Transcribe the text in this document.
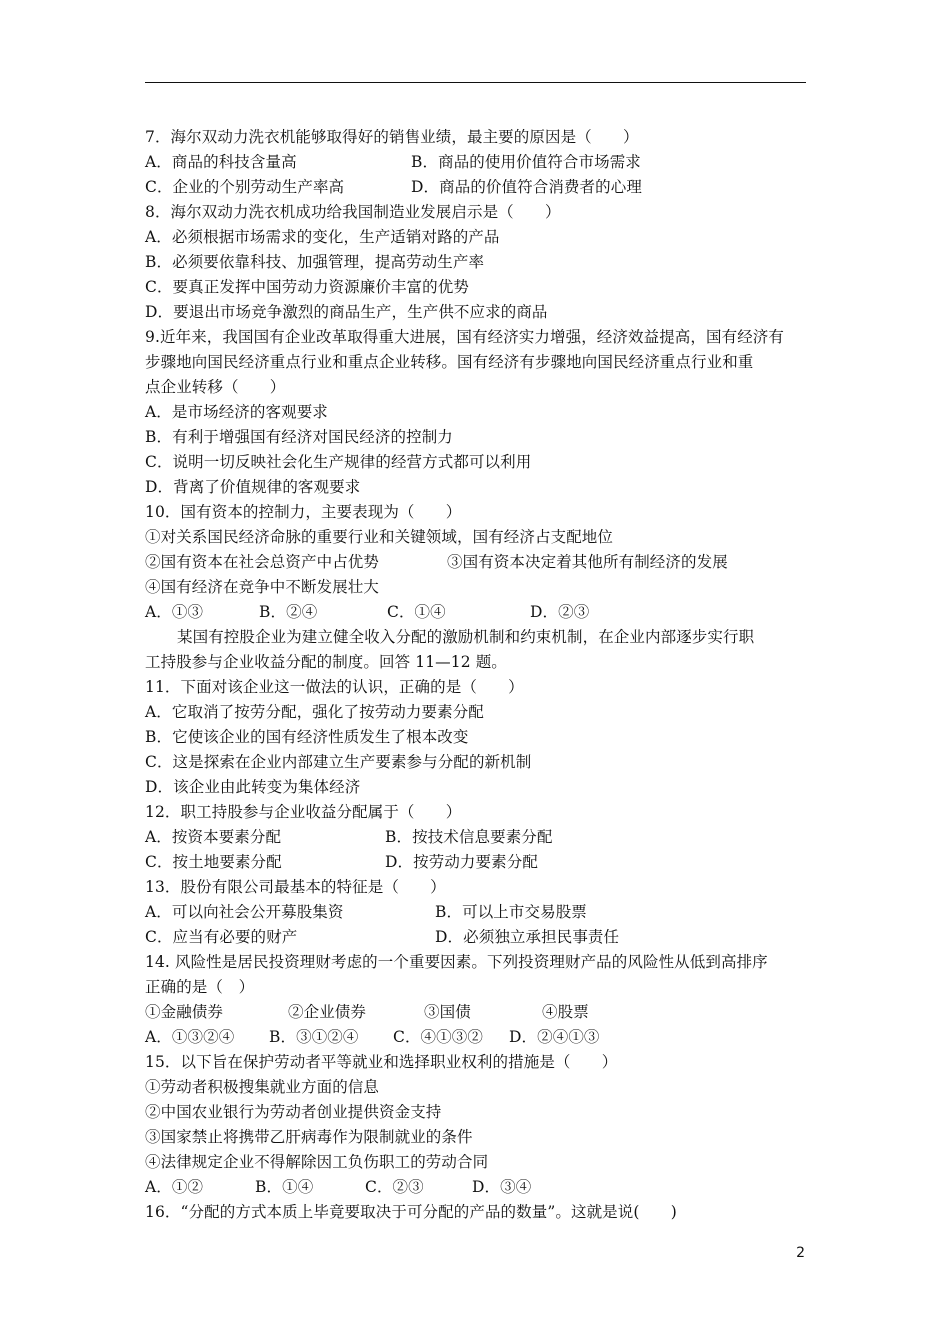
7．海尔双动力洗衣机能够取得好的销售业绩，最主要的原因是（　　）
A．商品的科技含量高	B．商品的使用价值符合市场需求
C．企业的个别劳动生产率高	D．商品的价值符合消费者的心理
8．海尔双动力洗衣机成功给我国制造业发展启示是（　　）
A．必须根据市场需求的变化，生产适销对路的产品
B．必须要依靠科技、加强管理，提高劳动生产率
C．要真正发挥中国劳动力资源廉价丰富的优势
D．要退出市场竞争激烈的商品生产，生产供不应求的商品
9.近年来，我国国有企业改革取得重大进展，国有经济实力增强，经济效益提高，国有经济有
步骤地向国民经济重点行业和重点企业转移。国有经济有步骤地向国民经济重点行业和重
点企业转移（　　）
A．是市场经济的客观要求
B．有利于增强国有经济对国民经济的控制力
C．说明一切反映社会化生产规律的经营方式都可以利用
D．背离了价值规律的客观要求
10．国有资本的控制力，主要表现为（　　）
①对关系国民经济命脉的重要行业和关键领域，国有经济占支配地位
②国有资本在社会总资产中占优势	③国有资本决定着其他所有制经济的发展
④国有经济在竞争中不断发展壮大
A．①③	B．②④	C．①④	D．②③
某国有控股企业为建立健全收入分配的激励机制和约束机制，在企业内部逐步实行职
工持股参与企业收益分配的制度。回答 11—12 题。
11．下面对该企业这一做法的认识，正确的是（　　）
A．它取消了按劳分配，强化了按劳动力要素分配
B．它使该企业的国有经济性质发生了根本改变
C．这是探索在企业内部建立生产要素参与分配的新机制
D．该企业由此转变为集体经济
12．职工持股参与企业收益分配属于（　　）
A．按资本要素分配	B．按技术信息要素分配
C．按土地要素分配	D．按劳动力要素分配
13．股份有限公司最基本的特征是（　　）
A．可以向社会公开募股集资	B．可以上市交易股票
C．应当有必要的财产	D．必须独立承担民事责任
14. 风险性是居民投资理财考虑的一个重要因素。下列投资理财产品的风险性从低到高排序
正确的是（　）
①金融债券	②企业债券	③国债	④股票
A．①③②④ B．③①②④ C．④①③② D．②④①③
15．以下旨在保护劳动者平等就业和选择职业权利的措施是（　　）
①劳动者积极搜集就业方面的信息
②中国农业银行为劳动者创业提供资金支持
③国家禁止将携带乙肝病毒作为限制就业的条件
④法律规定企业不得解除因工负伤职工的劳动合同
A．①②	B．①④	C．②③	D．③④
16．“分配的方式本质上毕竟要取决于可分配的产品的数量”。这就是说(　　)
2
